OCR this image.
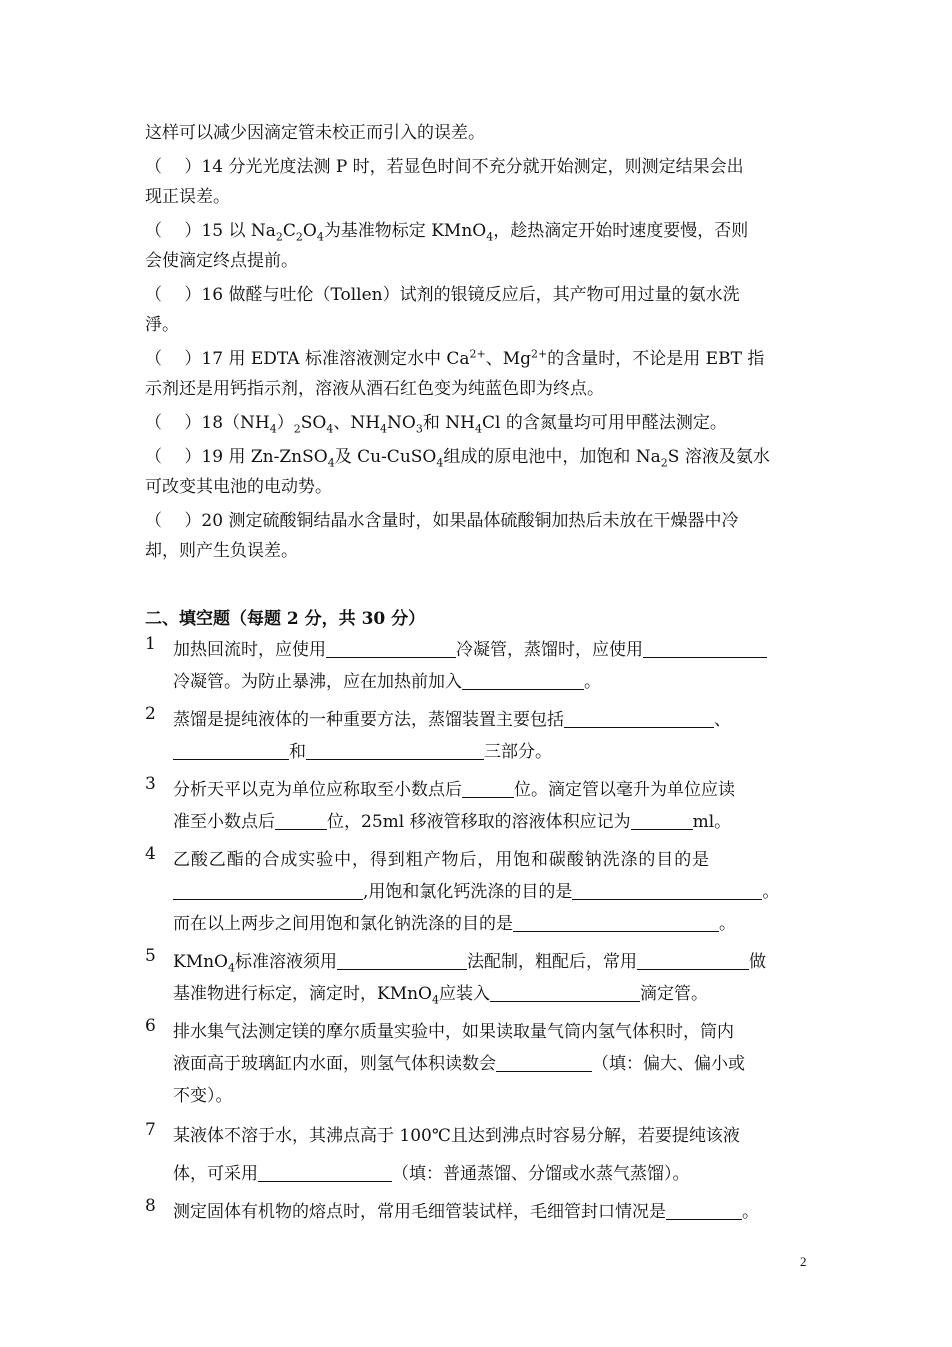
这样可以减少因滴定管未校正而引入的误差。
（　 ）14 分光光度法测 P 时，若显色时间不充分就开始测定，则测定结果会出
现正误差。
（　 ）15 以 $Na_2C_2O_4$为基准物标定 KMnO$_4$，趁热滴定开始时速度要慢，否则
会使滴定终点提前。
（　 ）16 做醛与吐伦（Tollen）试剂的银镜反应后，其产物可用过量的氨水洗
淨。
（　 ）17 用 EDTA 标准溶液测定水中 $Ca^{2+}$、$Mg^{2+}$的含量时，不论是用 EBT 指
示剂还是用钙指示剂，溶液从酒石红色变为纯蓝色即为终点。
（　 ）$18(NH_4)_2SO_4$、$NH_4NO_3$和 $NH_4Cl$ 的含氮量均可用甲醛法测定。
（　 ）19 用 Zn-ZnSO$_4$及 Cu-CuSO$_4$组成的原电池中，加饱和 $Na_2S$ 溶液及氨水
可改变其电池的电动势。
（　 ）20 测定硫酸铜结晶水含量时，如果晶体硫酸铜加热后未放在干燥器中冷
却，则产生负误差。
二、填空题（每题 2 分，共 30 分）
1	加热回流时，应使用	冷凝管，蒸馏时，应使用
冷凝管。为防止暴沸，应在加热前加入	。
2	蒸馏是提纯液体的一种重要方法，蒸馏装置主要包括	、
和	三部分。
3	分析天平以克为单位应称取至小数点后	位。滴定管以毫升为单位应读
准至小数点后	位，25ml 移液管移取的溶液体积应记为	ml。
4	乙酸乙酯的合成实验中，得到粗产物后，用饱和碳酸钠洗涤的目的是
,用饱和氯化钙洗涤的目的是	。
而在以上两步之间用饱和氯化钠洗涤的目的是	。
5	KMnO$_4$标准溶液须用	法配制，粗配后，常用	做
基准物进行标定，滴定时，KMnO$_4$应装入	滴定管。
6	排水集气法测定镁的摩尔质量实验中，如果读取量气筒内氢气体积时，筒内
液面高于玻璃缸内水面，则氢气体积读数会	（填：偏大、偏小或
不变）。
7	某液体不溶于水，其沸点高于 100℃且达到沸点时容易分解，若要提纯该液
体，可采用	（填：普通蒸馏、分馏或水蒸气蒸馏）。
8	测定固体有机物的熔点时，常用毛细管装试样，毛细管封口情况是	。
2
